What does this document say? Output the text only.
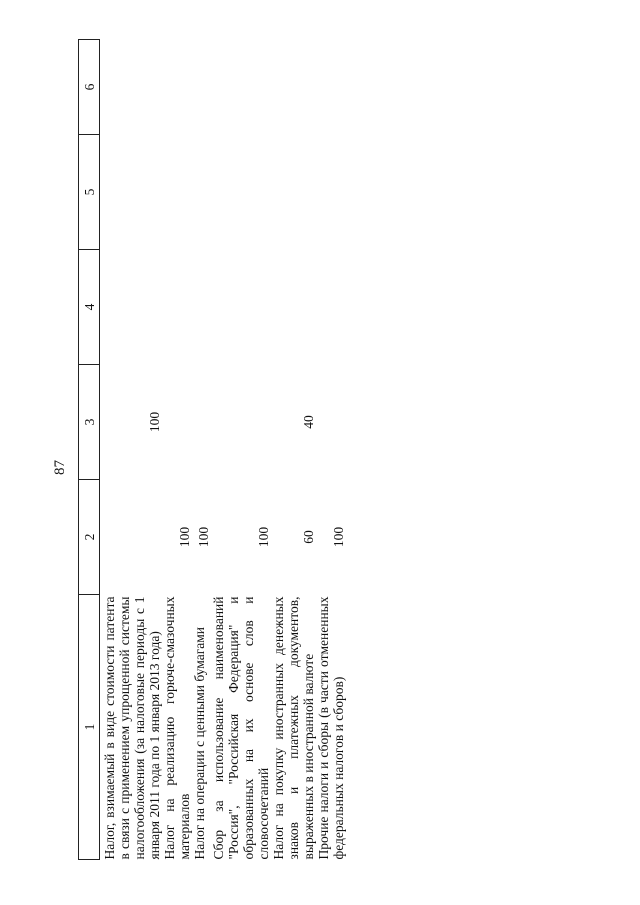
87
1	2	3	4	5	6
Налог, взимаемый в виде стоимости патента в связи с применением упрощенной системы налогообложения (за налоговые периоды с 1 января 2011 года по 1 января 2013 года)		100			
Налог на реализацию горюче-смазочных материалов	100				
Налог на операции с ценными бумагами	100				
Сбор за использование наименований "Россия", "Российская Федерация" и образованных на их основе слов и словосочетаний	100				
Налог на покупку иностранных денежных знаков и платежных документов, выраженных в иностранной валюте	60	40			
Прочие налоги и сборы (в части отмененных федеральных налогов и сборов)	100				
